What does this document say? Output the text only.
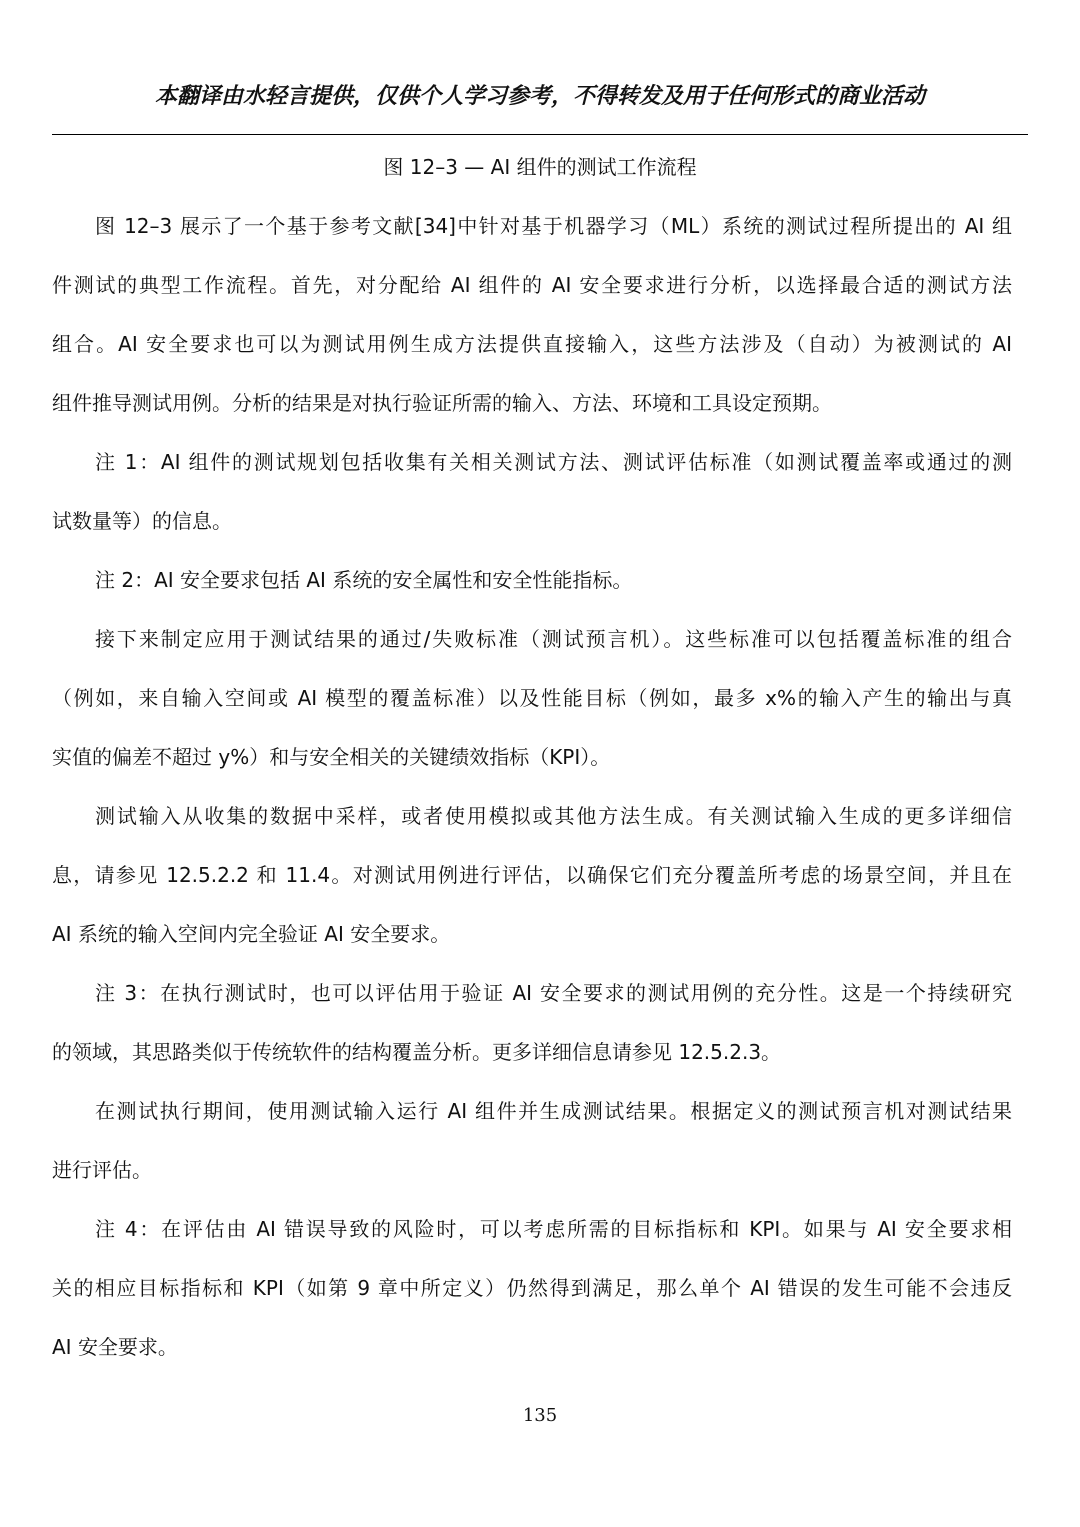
本翻译由水轻言提供，仅供个人学习参考，不得转发及用于任何形式的商业活动
图 12–3 — AI 组件的测试工作流程

图 12–3 展示了一个基于参考文献[34]中针对基于机器学习（ML）系统的测试过程所提出的 AI 组
件测试的典型工作流程。首先，对分配给 AI 组件的 AI 安全要求进行分析，以选择最合适的测试方法
组合。AI 安全要求也可以为测试用例生成方法提供直接输入，这些方法涉及（自动）为被测试的 AI
组件推导测试用例。分析的结果是对执行验证所需的输入、方法、环境和工具设定预期。

注 1：AI 组件的测试规划包括收集有关相关测试方法、测试评估标准（如测试覆盖率或通过的测
试数量等）的信息。

注 2：AI 安全要求包括 AI 系统的安全属性和安全性能指标。

接下来制定应用于测试结果的通过/失败标准（测试预言机）。这些标准可以包括覆盖标准的组合
（例如，来自输入空间或 AI 模型的覆盖标准）以及性能目标（例如，最多 x%的输入产生的输出与真
实值的偏差不超过 y%）和与安全相关的关键绩效指标（KPI）。

测试输入从收集的数据中采样，或者使用模拟或其他方法生成。有关测试输入生成的更多详细信
息，请参见 12.5.2.2 和 11.4。对测试用例进行评估，以确保它们充分覆盖所考虑的场景空间，并且在
AI 系统的输入空间内完全验证 AI 安全要求。

注 3：在执行测试时，也可以评估用于验证 AI 安全要求的测试用例的充分性。这是一个持续研究
的领域，其思路类似于传统软件的结构覆盖分析。更多详细信息请参见 12.5.2.3。

在测试执行期间，使用测试输入运行 AI 组件并生成测试结果。根据定义的测试预言机对测试结果
进行评估。

注 4：在评估由 AI 错误导致的风险时，可以考虑所需的目标指标和 KPI。如果与 AI 安全要求相
关的相应目标指标和 KPI（如第 9 章中所定义）仍然得到满足，那么单个 AI 错误的发生可能不会违反
AI 安全要求。

135
